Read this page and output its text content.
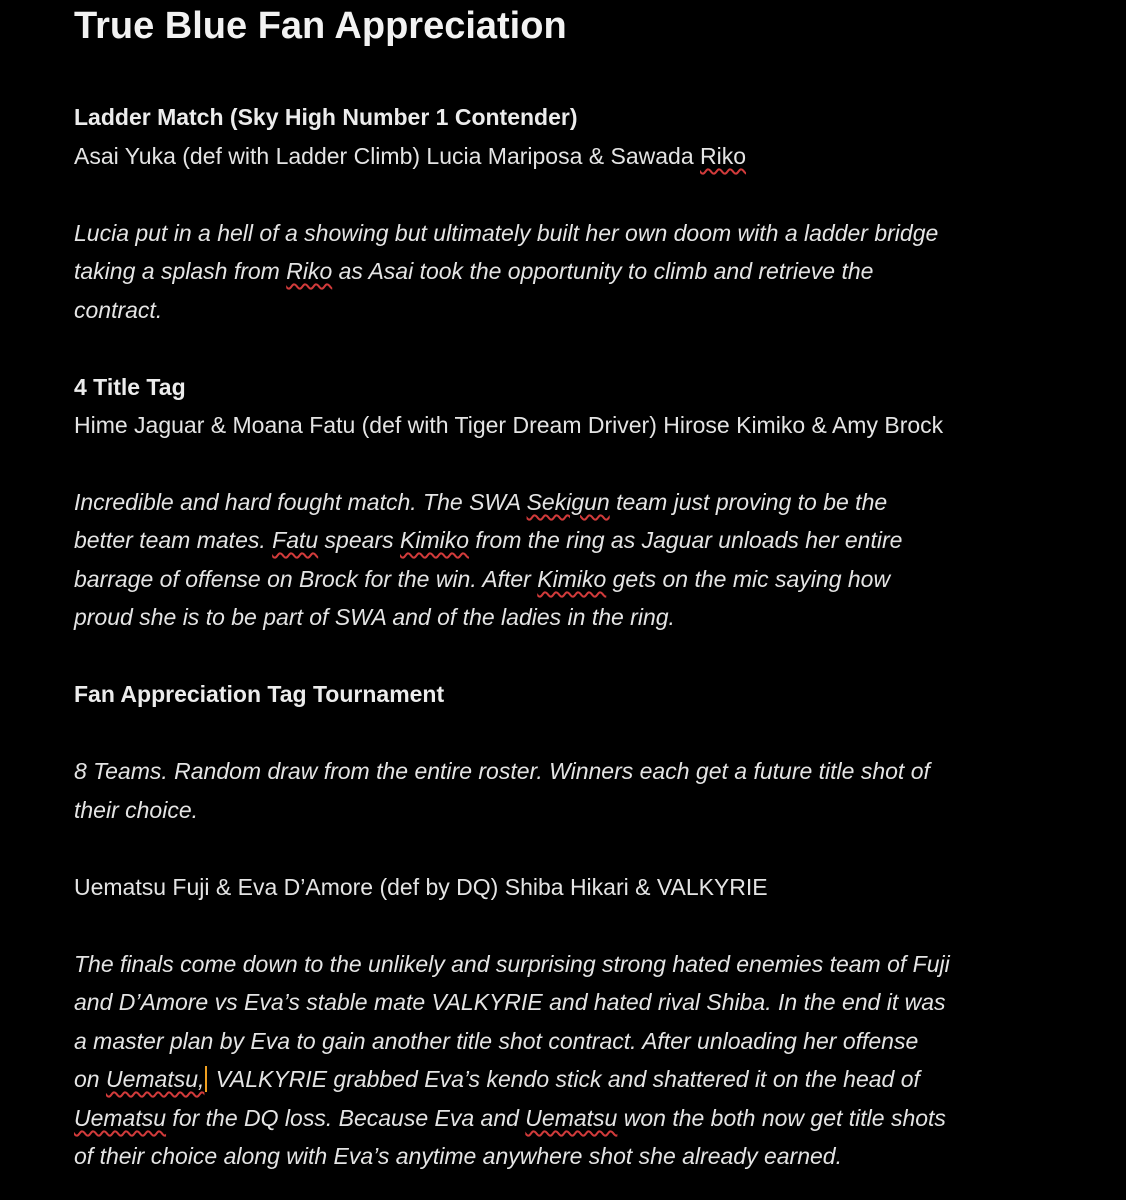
True Blue Fan Appreciation
Ladder Match (Sky High Number 1 Contender)
Asai Yuka (def with Ladder Climb) Lucia Mariposa & Sawada Riko
Lucia put in a hell of a showing but ultimately built her own doom with a ladder bridge
taking a splash from Riko as Asai took the opportunity to climb and retrieve the
contract.
4 Title Tag
Hime Jaguar & Moana Fatu (def with Tiger Dream Driver) Hirose Kimiko & Amy Brock
Incredible and hard fought match. The SWA Sekigun team just proving to be the
better team mates. Fatu spears Kimiko from the ring as Jaguar unloads her entire
barrage of offense on Brock for the win. After Kimiko gets on the mic saying how
proud she is to be part of SWA and of the ladies in the ring.
Fan Appreciation Tag Tournament
8 Teams. Random draw from the entire roster. Winners each get a future title shot of
their choice.
Uematsu Fuji & Eva D’Amore (def by DQ) Shiba Hikari & VALKYRIE
The finals come down to the unlikely and surprising strong hated enemies team of Fuji
and D’Amore vs Eva’s stable mate VALKYRIE and hated rival Shiba. In the end it was
a master plan by Eva to gain another title shot contract. After unloading her offense
on Uematsu, VALKYRIE grabbed Eva’s kendo stick and shattered it on the head of
Uematsu for the DQ loss. Because Eva and Uematsu won the both now get title shots
of their choice along with Eva’s anytime anywhere shot she already earned.
